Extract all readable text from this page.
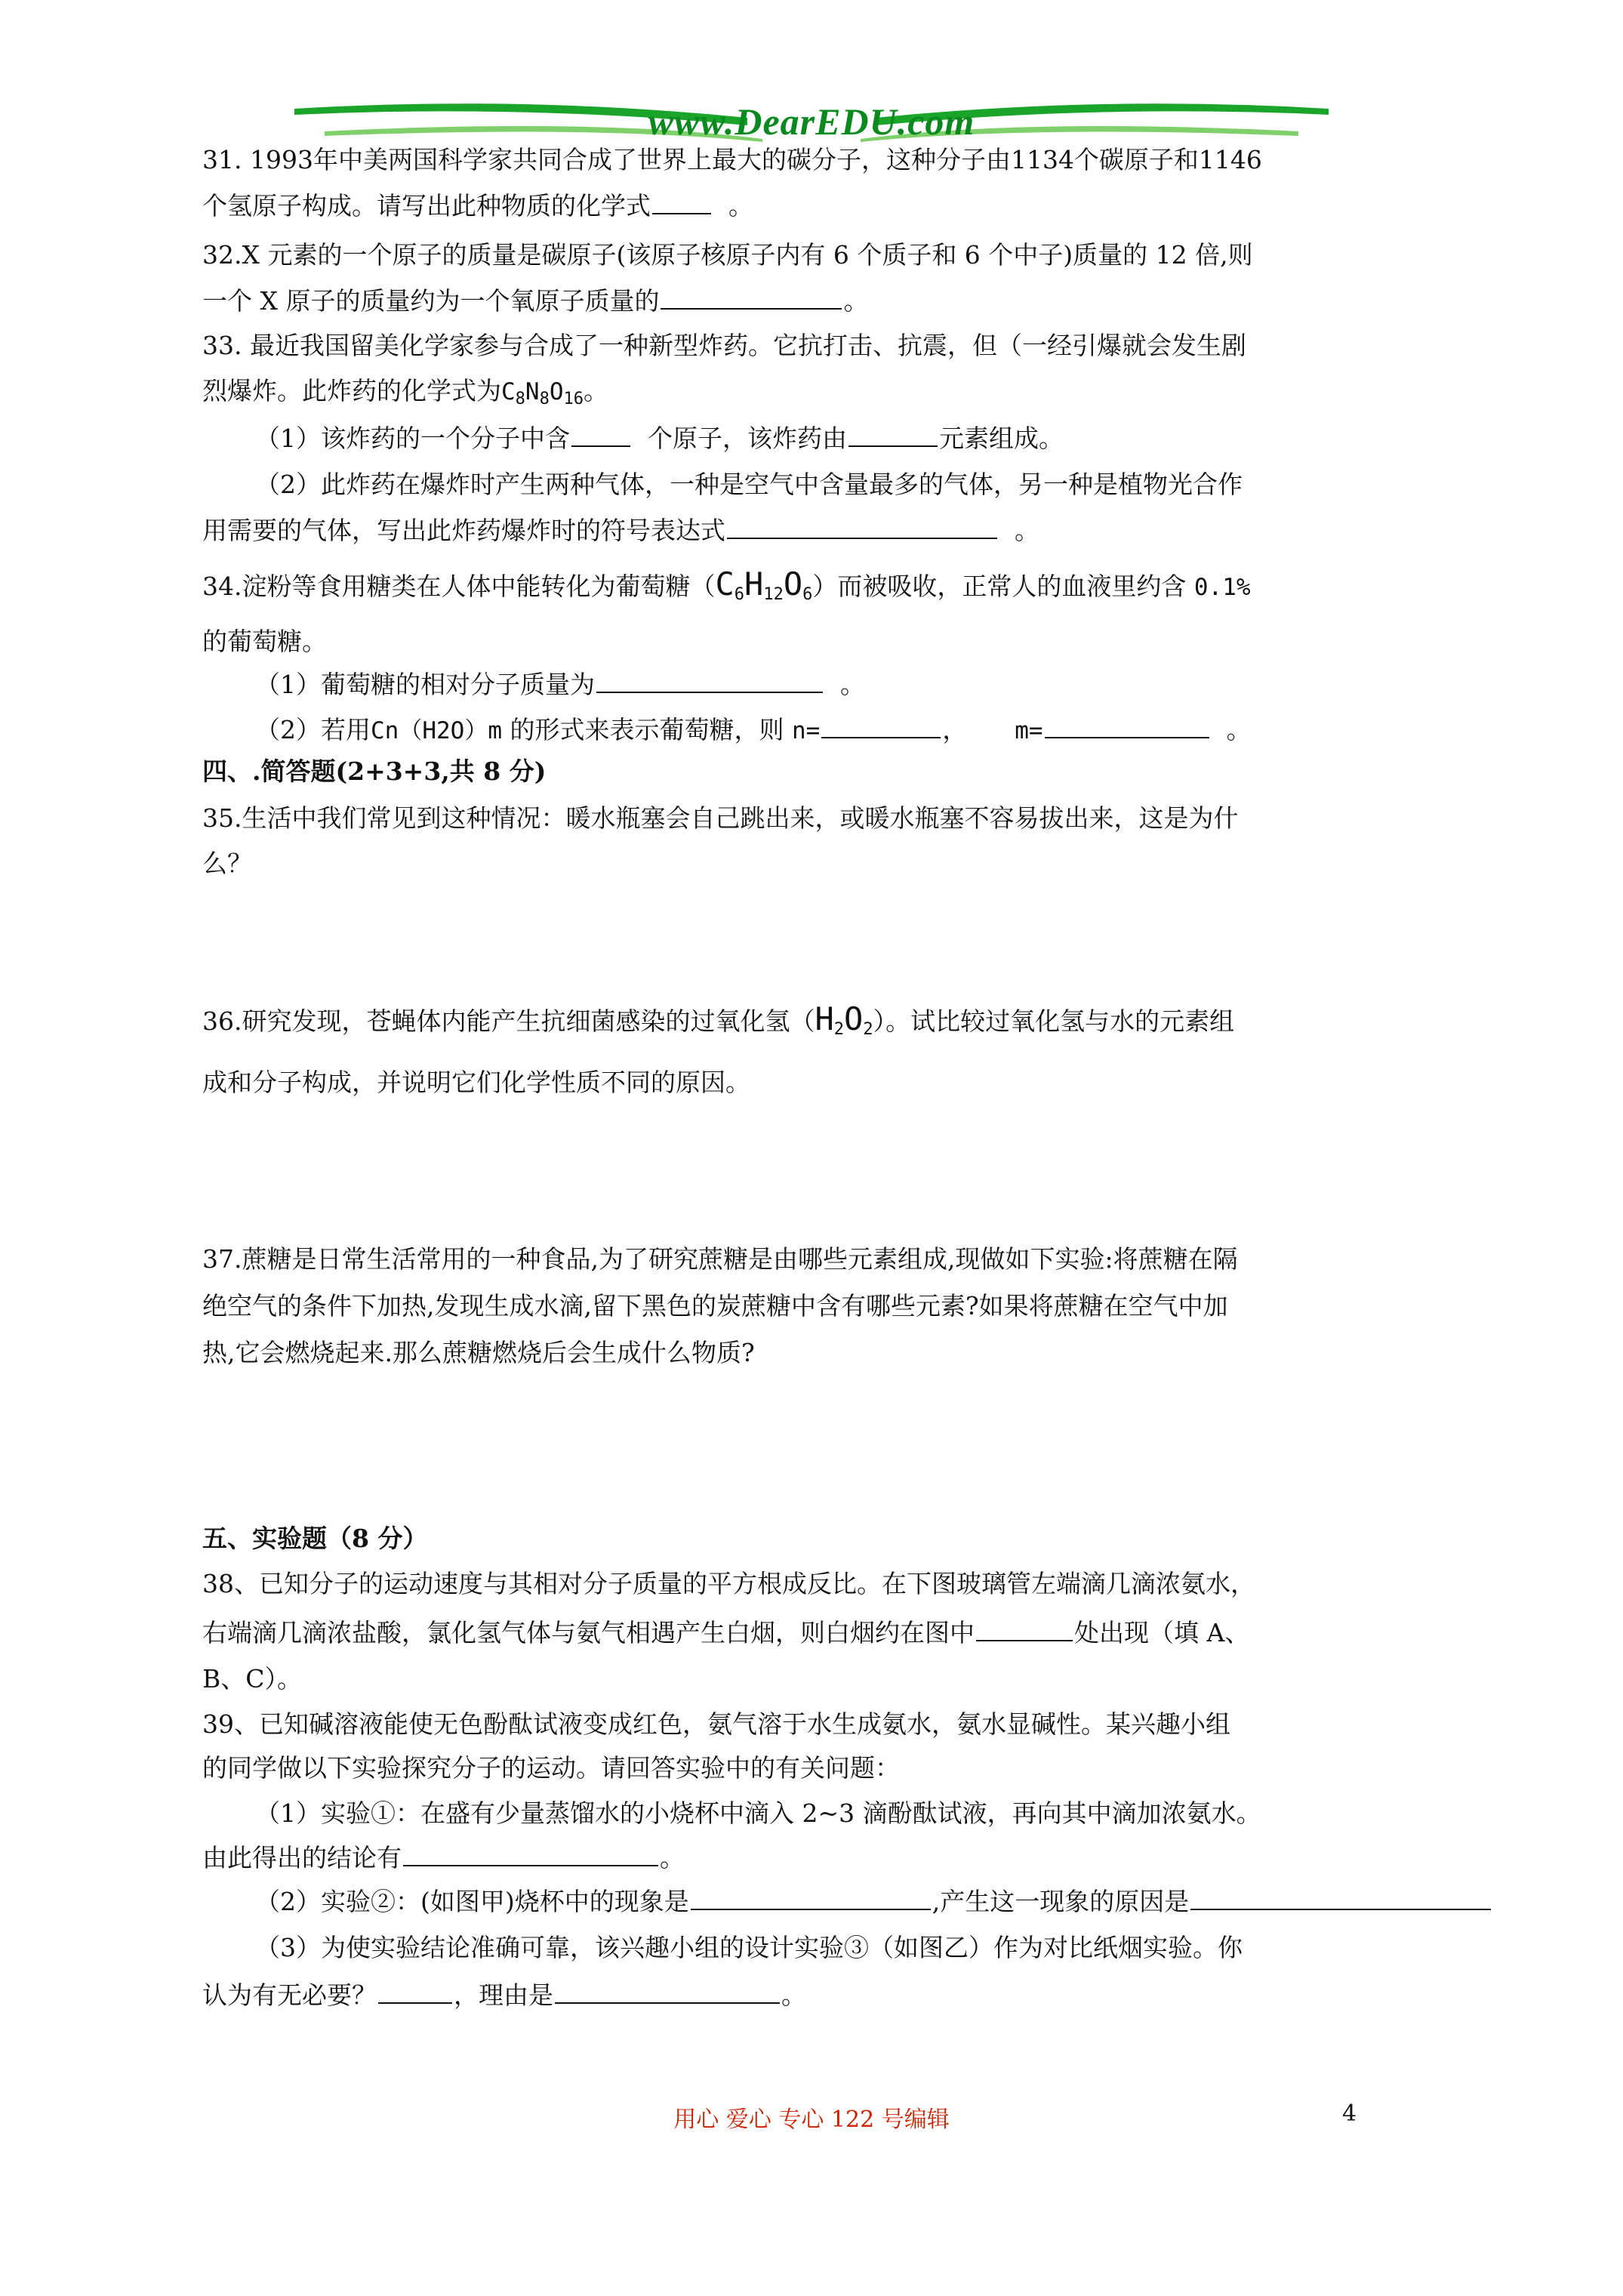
www.DearEDU.com
31. 1993年中美两国科学家共同合成了世界上最大的碳分子，这种分子由1134个碳原子和1146
个氢原子构成。请写出此种物质的化学式	。
32.X 元素的一个原子的质量是碳原子(该原子核原子内有 6 个质子和 6 个中子)质量的 12 倍,则
一个 X 原子的质量约为一个氧原子质量的	。
33. 最近我国留美化学家参与合成了一种新型炸药。它抗打击、抗震，但（一经引爆就会发生剧
烈爆炸。此炸药的化学式为$C_8N_8O_{16}$。
（1）该炸药的一个分子中含	个原子，该炸药由	元素组成。
（2）此炸药在爆炸时产生两种气体，一种是空气中含量最多的气体，另一种是植物光合作
用需要的气体，写出此炸药爆炸时的符号表达式	。
34.淀粉等食用糖类在人体中能转化为葡萄糖$(C_6H_{12}O_6)$而被吸收，正常人的血液里约含 0.1%
的葡萄糖。
（1）葡萄糖的相对分子质量为	。
（2）若用Cn（H2O）m 的形式来表示葡萄糖，则 n=	，      m=	。
四、.简答题(2+3+3,共 8 分)
35.生活中我们常见到这种情况：暖水瓶塞会自己跳出来，或暖水瓶塞不容易拔出来，这是为什
么？
36.研究发现，苍蝇体内能产生抗细菌感染的过氧化氢$(H_2O_2)$。试比较过氧化氢与水的元素组
成和分子构成，并说明它们化学性质不同的原因。
37.蔗糖是日常生活常用的一种食品,为了研究蔗糖是由哪些元素组成,现做如下实验:将蔗糖在隔
绝空气的条件下加热,发现生成水滴,留下黑色的炭蔗糖中含有哪些元素?如果将蔗糖在空气中加
热,它会燃烧起来.那么蔗糖燃烧后会生成什么物质?
五、实验题（8 分）
38、已知分子的运动速度与其相对分子质量的平方根成反比。在下图玻璃管左端滴几滴浓氨水，
右端滴几滴浓盐酸，氯化氢气体与氨气相遇产生白烟，则白烟约在图中	处出现（填 A、
B、C）。
39、已知碱溶液能使无色酚酞试液变成红色，氨气溶于水生成氨水，氨水显碱性。某兴趣小组
的同学做以下实验探究分子的运动。请回答实验中的有关问题：
（1）实验①：在盛有少量蒸馏水的小烧杯中滴入 2~3 滴酚酞试液，再向其中滴加浓氨水。
由此得出的结论有	。
（2）实验②：(如图甲)烧杯中的现象是	,产生这一现象的原因是
（3）为使实验结论准确可靠，该兴趣小组的设计实验③（如图乙）作为对比纸烟实验。你
认为有无必要？	，理由是	。
用心 爱心 专心 122 号编辑	4
